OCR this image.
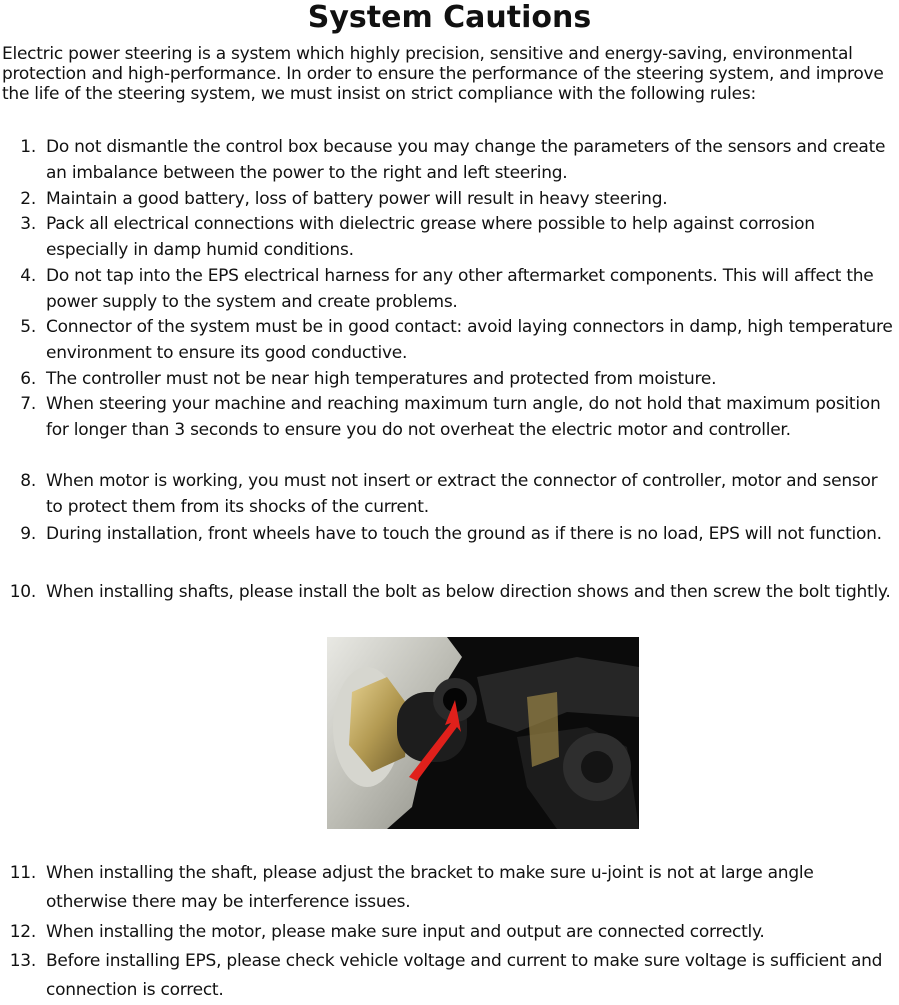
System Cautions

Electric power steering is a system which highly precision, sensitive and energy-saving, environmental protection and high-performance. In order to ensure the performance of the steering system, and improve the life of the steering system, we must insist on strict compliance with the following rules:

1. Do not dismantle the control box because you may change the parameters of the sensors and create an imbalance between the power to the right and left steering.
2. Maintain a good battery, loss of battery power will result in heavy steering.
3. Pack all electrical connections with dielectric grease where possible to help against corrosion especially in damp humid conditions.
4. Do not tap into the EPS electrical harness for any other aftermarket components. This will affect the power supply to the system and create problems.
5. Connector of the system must be in good contact: avoid laying connectors in damp, high temperature environment to ensure its good conductive.
6. The controller must not be near high temperatures and protected from moisture.
7. When steering your machine and reaching maximum turn angle, do not hold that maximum position for longer than 3 seconds to ensure you do not overheat the electric motor and controller.
8. When motor is working, you must not insert or extract the connector of controller, motor and sensor to protect them from its shocks of the current.
9. During installation, front wheels have to touch the ground as if there is no load, EPS will not function.
10. When installing shafts, please install the bolt as below direction shows and then screw the bolt tightly.
11. When installing the shaft, please adjust the bracket to make sure u-joint is not at large angle otherwise there may be interference issues.
12. When installing the motor, please make sure input and output are connected correctly.
13. Before installing EPS, please check vehicle voltage and current to make sure voltage is sufficient and connection is correct.
